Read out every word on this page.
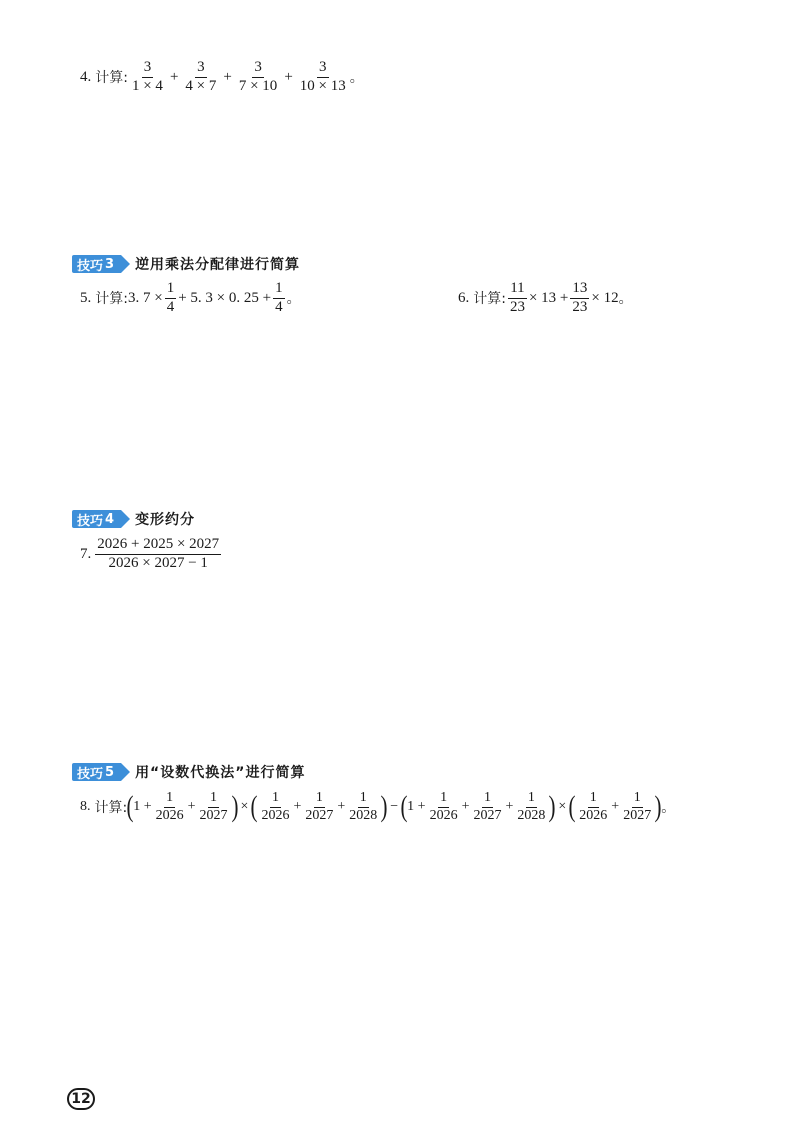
4. 计算: $\frac{3}{1 \times 4} + \frac{3}{4 \times 7} + \frac{3}{7 \times 10} + \frac{3}{10 \times 13}$ 。
技巧 3 逆用乘法分配律进行简算
5. 计算: 3. $7 \times \frac{1}{4} + 5$. 3 × 0. $25 + \frac{1}{4}$ 。	6. 计算: $\frac{11}{23} \times 13 + \frac{13}{23} \times 12$ 。
技巧 4 变形约分
7. $\frac{2026 + 2025 \times 2027}{2026 \times 2027 - 1}$
技巧 5 用“设数代换法”进行简算
8. 计算: ( $1 + \frac{1}{2026} + \frac{1}{2027}$ ) × ( $\frac{1}{2026} + \frac{1}{2027} + \frac{1}{2028}$ ) − ( $1 + \frac{1}{2026} + \frac{1}{2027} + \frac{1}{2028}$ ) × ( $\frac{1}{2026} + \frac{1}{2027}$ ) 。
12
